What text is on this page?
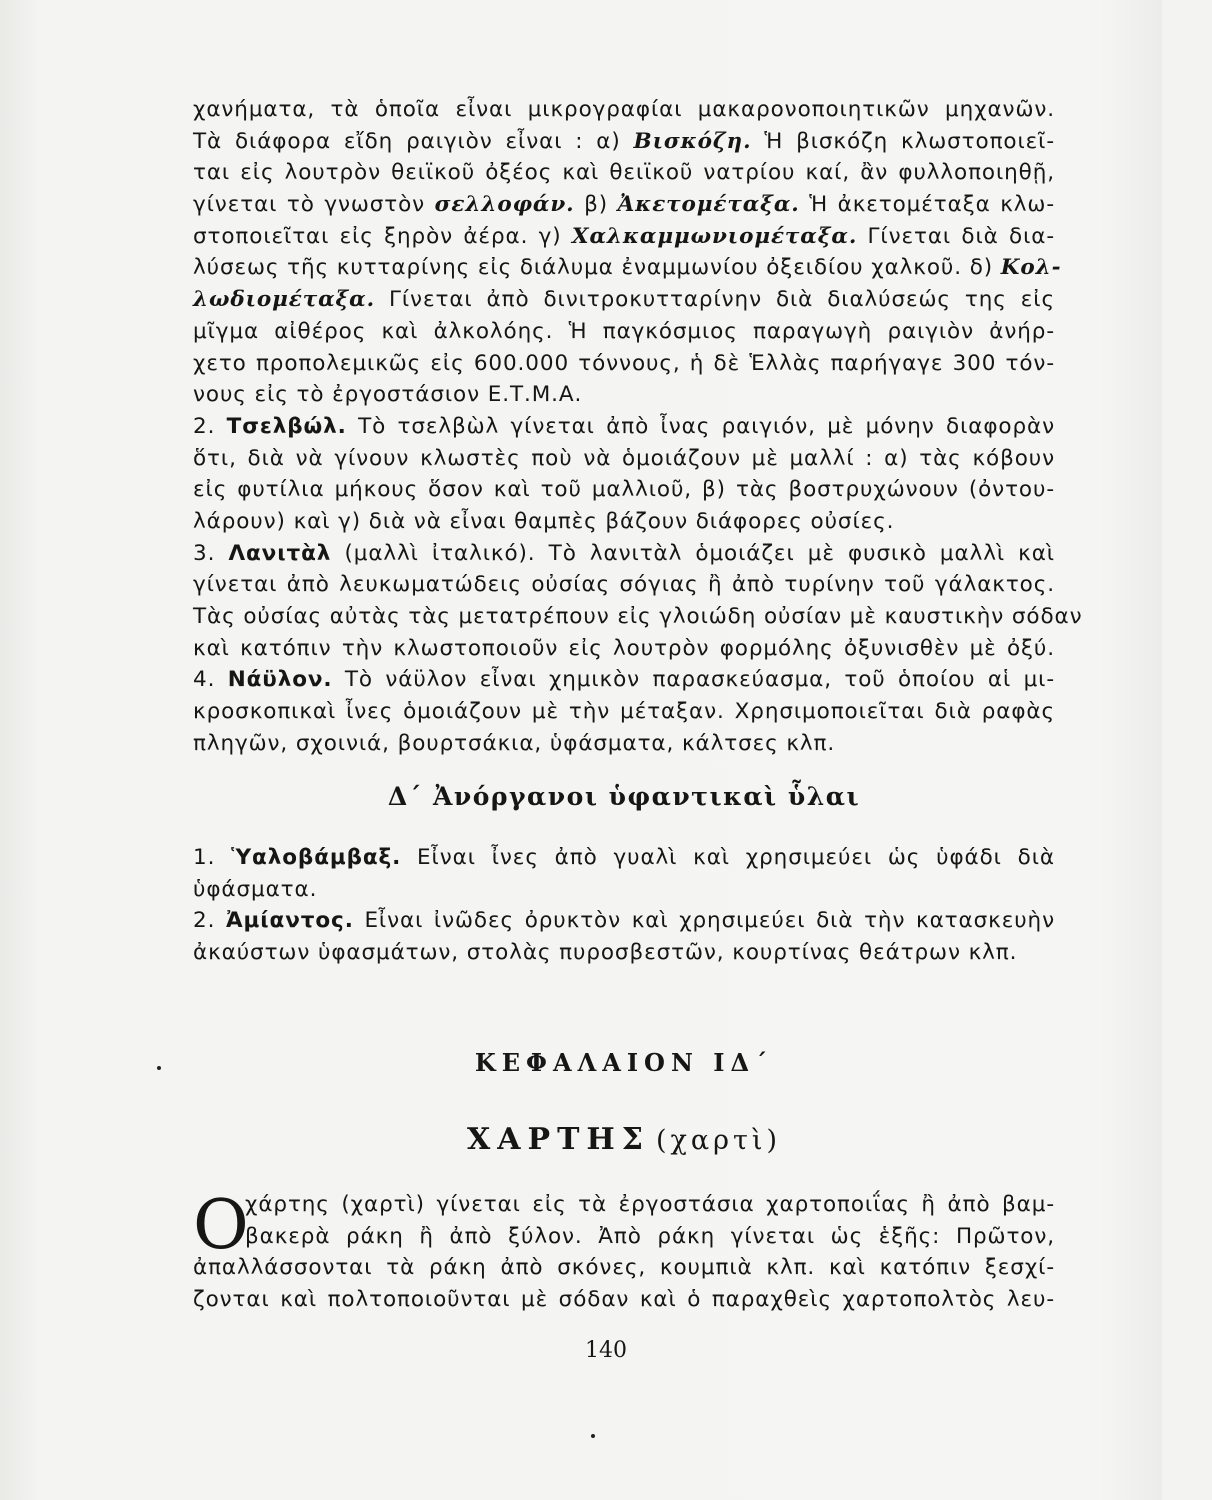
χανήματα, τὰ ὁποῖα εἶναι μικρογραφίαι μακαρονοποιητικῶν μηχανῶν.
Τὰ διάφορα εἴδη ραιγιὸν εἶναι : α) Βισκόζη. Ἡ βισκόζη κλωστοποιεῖ-
ται εἰς λουτρὸν θειϊκοῦ ὀξέος καὶ θειϊκοῦ νατρίου καί, ἂν φυλλοποιηθῇ,
γίνεται τὸ γνωστὸν σελλοφάν. β) Ἀκετομέταξα. Ἡ ἀκετομέταξα κλω-
στοποιεῖται εἰς ξηρὸν ἀέρα. γ) Χαλκαμμωνιομέταξα. Γίνεται διὰ δια-
λύσεως τῆς κυτταρίνης εἰς διάλυμα ἐναμμωνίου ὀξειδίου χαλκοῦ. δ) Κολ-
λωδιομέταξα. Γίνεται ἀπὸ δινιτροκυτταρίνην διὰ διαλύσεώς της εἰς
μῖγμα αἰθέρος καὶ ἀλκολόης. Ἡ παγκόσμιος παραγωγὴ ραιγιὸν ἀνήρ-
χετο προπολεμικῶς εἰς 600.000 τόννους, ἡ δὲ Ἑλλὰς παρήγαγε 300 τόν-
νους εἰς τὸ ἐργοστάσιον Ε.Τ.Μ.Α.
2. Τσελβώλ. Τὸ τσελβὼλ γίνεται ἀπὸ ἶνας ραιγιόν, μὲ μόνην διαφορὰν
ὅτι, διὰ νὰ γίνουν κλωστὲς ποὺ νὰ ὁμοιάζουν μὲ μαλλί : α) τὰς κόβουν
εἰς φυτίλια μήκους ὅσον καὶ τοῦ μαλλιοῦ, β) τὰς βοστρυχώνουν (ὀντου-
λάρουν) καὶ γ) διὰ νὰ εἶναι θαμπὲς βάζουν διάφορες οὐσίες.
3. Λανιτὰλ (μαλλὶ ἰταλικό). Τὸ λανιτὰλ ὁμοιάζει μὲ φυσικὸ μαλλὶ καὶ
γίνεται ἀπὸ λευκωματώδεις οὐσίας σόγιας ἢ ἀπὸ τυρίνην τοῦ γάλακτος.
Τὰς οὐσίας αὐτὰς τὰς μετατρέπουν εἰς γλοιώδη οὐσίαν μὲ καυστικὴν σόδαν
καὶ κατόπιν τὴν κλωστοποιοῦν εἰς λουτρὸν φορμόλης ὀξυνισθὲν μὲ ὀξύ.
4. Νάϋλον. Τὸ νάϋλον εἶναι χημικὸν παρασκεύασμα, τοῦ ὁποίου αἱ μι-
κροσκοπικαὶ ἶνες ὁμοιάζουν μὲ τὴν μέταξαν. Χρησιμοποιεῖται διὰ ραφὰς
πληγῶν, σχοινιά, βουρτσάκια, ὑφάσματα, κάλτσες κλπ.
Δ΄ Ἀνόργανοι ὑφαντικαὶ ὗλαι
1. Ὑαλοβάμβαξ. Εἶναι ἶνες ἀπὸ γυαλὶ καὶ χρησιμεύει ὡς ὑφάδι διὰ
ὑφάσματα.
2. Ἀμίαντος. Εἶναι ἰνῶδες ὀρυκτὸν καὶ χρησιμεύει διὰ τὴν κατασκευὴν
ἀκαύστων ὑφασμάτων, στολὰς πυροσβεστῶν, κουρτίνας θεάτρων κλπ.
ΚΕΦΑΛΑΙΟΝ ΙΔ΄
ΧΑΡΤΗΣ (χαρτὶ)
Ο
χάρτης (χαρτὶ) γίνεται εἰς τὰ ἐργοστάσια χαρτοποιΐας ἢ ἀπὸ βαμ-
βακερὰ ράκη ἢ ἀπὸ ξύλον. Ἀπὸ ράκη γίνεται ὡς ἑξῆς: Πρῶτον,
ἀπαλλάσσονται τὰ ράκη ἀπὸ σκόνες, κουμπιὰ κλπ. καὶ κατόπιν ξεσχί-
ζονται καὶ πολτοποιοῦνται μὲ σόδαν καὶ ὁ παραχθεὶς χαρτοπολτὸς λευ-
140
